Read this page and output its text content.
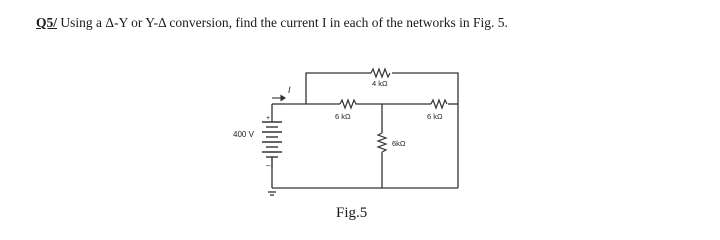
Q5/ Using a Δ-Y or Y-Δ conversion, find the current I in each of the networks in Fig. 5.
+
–
I
400 V
4 kΩ
6 kΩ	6 kΩ
6kΩ
Fig.5
